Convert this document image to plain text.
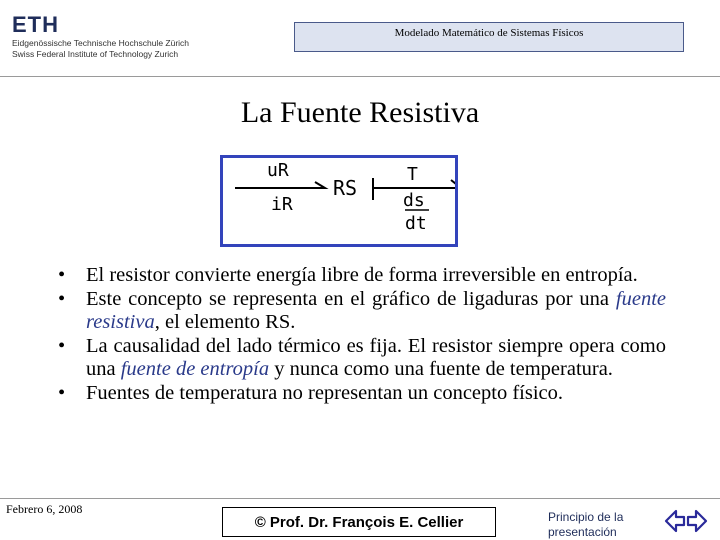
ETH
Eidgenössische Technische Hochschule Zürich
Swiss Federal Institute of Technology Zurich
Modelado Matemático de Sistemas Físicos
La Fuente Resistiva
uR
iR
RS
T
ds
dt
• El resistor convierte energía libre de forma irreversible en entropía.
• Este concepto se representa en el gráfico de ligaduras por una fuente resistiva, el elemento RS.
• La causalidad del lado térmico es fija. El resistor siempre opera como una fuente de entropía y nunca como una fuente de temperatura.
• Fuentes de temperatura no representan un concepto físico.
Febrero 6, 2008
© Prof. Dr. François E. Cellier	Principio de la presentación
